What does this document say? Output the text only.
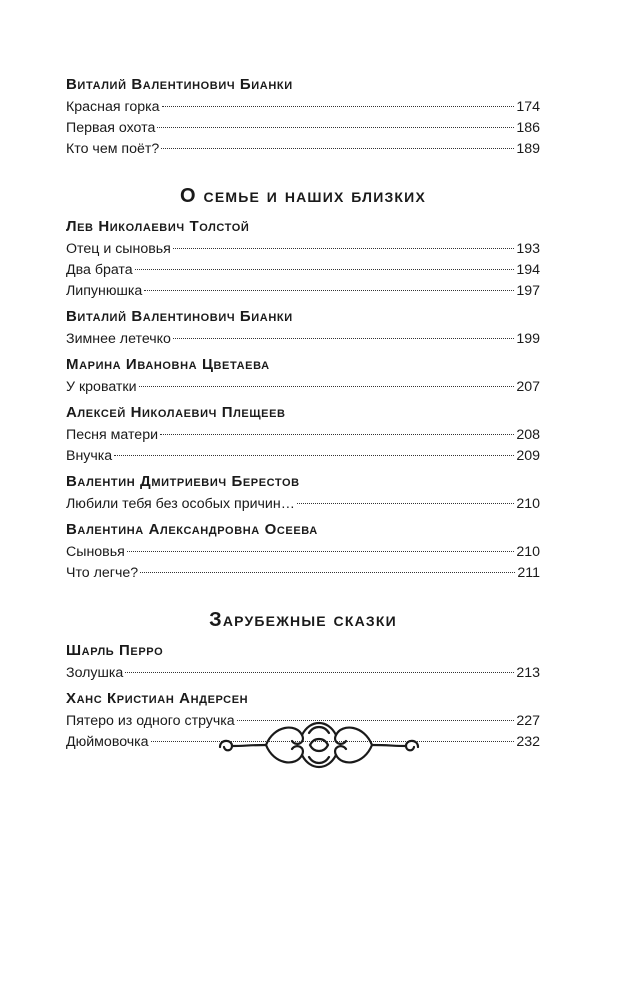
Виталий Валентинович Бианки
Красная горка	174
Первая охота	186
Кто чем поёт?	189
О семье и наших близких
Лев Николаевич Толстой
Отец и сыновья	193
Два брата	194
Липунюшка	197
Виталий Валентинович Бианки
Зимнее летечко	199
Марина Ивановна Цветаева
У кроватки	207
Алексей Николаевич Плещеев
Песня матери	208
Внучка	209
Валентин Дмитриевич Берестов
Любили тебя без особых причин…	210
Валентина Александровна Осеева
Сыновья	210
Что легче?	211
Зарубежные сказки
Шарль Перро
Золушка	213
Ханс Кристиан Андерсен
Пятеро из одного стручка	227
Дюймовочка	232
